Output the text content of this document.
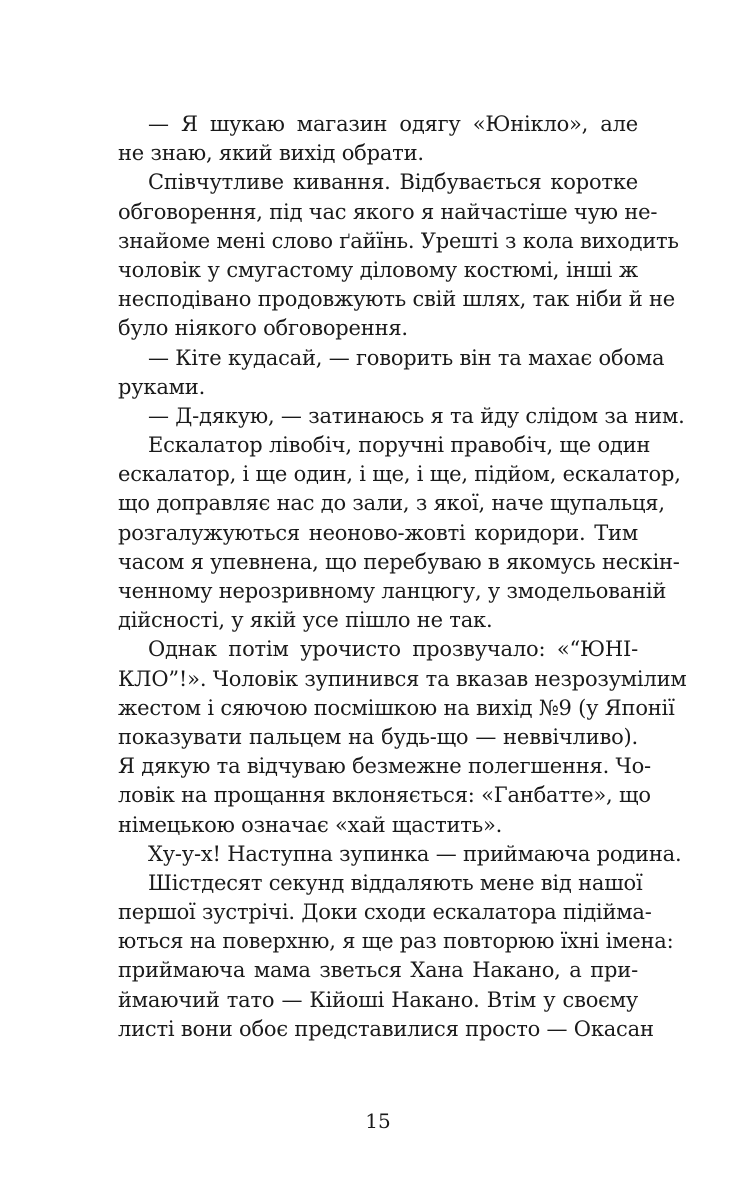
— Я шукаю магазин одягу «Юнікло», але
не знаю, який вихід обрати.
Співчутливе кивання. Відбувається коротке
обговорення, під час якого я найчастіше чую не-
знайоме мені слово ґайїнь. Урешті з кола виходить
чоловік у смугастому діловому костюмі, інші ж
несподівано продовжують свій шлях, так ніби й не
було ніякого обговорення.
— Кіте кудасай, — говорить він та махає обома
руками.
— Д-дякую, — затинаюсь я та йду слідом за ним.
Ескалатор лівобіч, поручні правобіч, ще один
ескалатор, і ще один, і ще, і ще, підйом, ескалатор,
що доправляє нас до зали, з якої, наче щупальця,
розгалужуються неоново-жовті коридори. Тим
часом я упевнена, що перебуваю в якомусь нескін-
ченному нерозривному ланцюгу, у змодельованій
дійсності, у якій усе пішло не так.
Однак потім урочисто прозвучало: «“ЮНІ-
КЛО”!». Чоловік зупинився та вказав незрозумілим
жестом і сяючою посмішкою на вихід №9 (у Японії
показувати пальцем на будь-що — неввічливо).
Я дякую та відчуваю безмежне полегшення. Чо-
ловік на прощання вклоняється: «Ганбатте», що
німецькою означає «хай щастить».
Ху-у-х! Наступна зупинка — приймаюча родина.
Шістдесят секунд віддаляють мене від нашої
першої зустрічі. Доки сходи ескалатора підійма-
ються на поверхню, я ще раз повторюю їхні імена:
приймаюча мама зветься Хана Накано, а при-
ймаючий тато — Кійоші Накано. Втім у своєму
листі вони обоє представилися просто — Окасан
15
